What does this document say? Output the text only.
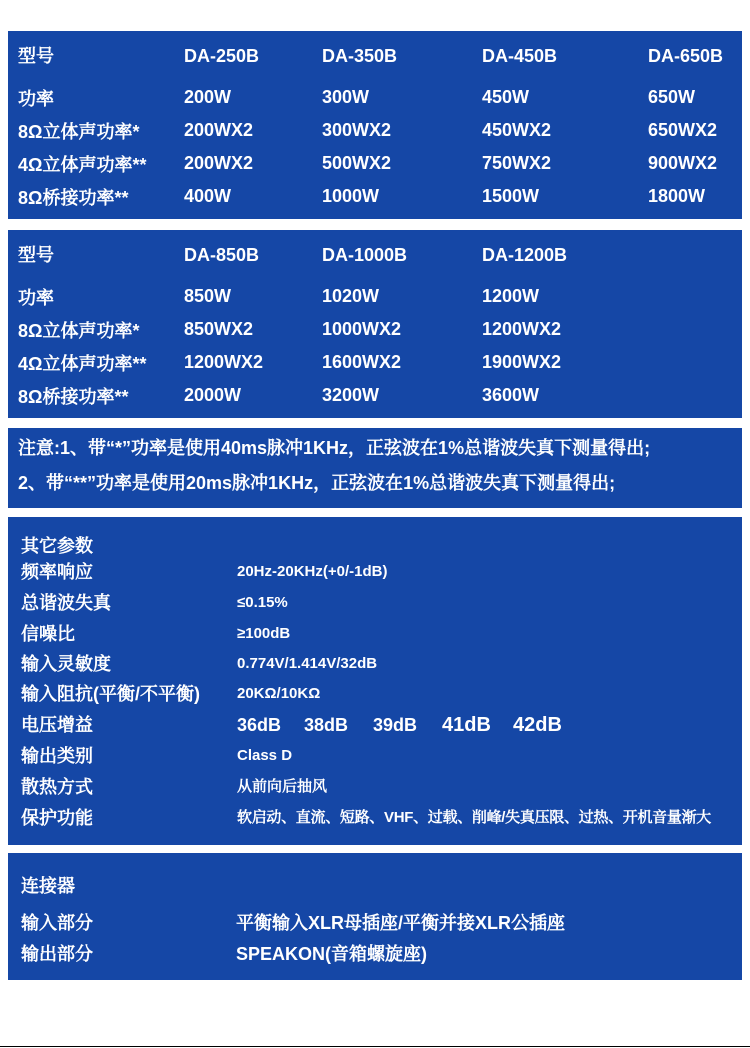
型号	DA-250B	DA-350B	DA-450B	DA-650B
功率	200W	300W	450W	650W
8Ω立体声功率* 200WX2	300WX2	450WX2	650WX2
4Ω立体声功率** 200WX2	500WX2	750WX2	900WX2
8Ω桥接功率**	400W	1000W	1500W	1800W
型号	DA-850B	DA-1000B	DA-1200B
功率	850W	1020W	1200W
8Ω立体声功率* 850WX2	1000WX2	1200WX2
4Ω立体声功率** 1200WX2	1600WX2	1900WX2
8Ω桥接功率**	2000W	3200W	3600W
注意:1、带“*”功率是使用40ms脉冲1KHz，正弦波在1%总谐波失真下测量得出;
2、带“**”功率是使用20ms脉冲1KHz，正弦波在1%总谐波失真下测量得出;
其它参数
频率响应	20Hz-20KHz(+0/-1dB)
总谐波失真	≤0.15%
信噪比	≥100dB
输入灵敏度	0.774V/1.414V/32dB
输入阻抗(平衡/不平衡) 20KΩ/10KΩ
电压增益	36dB 38dB 39dB 41dB 42dB
输出类别	Class D
散热方式	从前向后抽风
保护功能	软启动、直流、短路、VHF、过载、削峰/失真压限、过热、开机音量渐大
连接器
输入部分	平衡输入XLR母插座/平衡并接XLR公插座
输出部分	SPEAKON(音箱螺旋座)
